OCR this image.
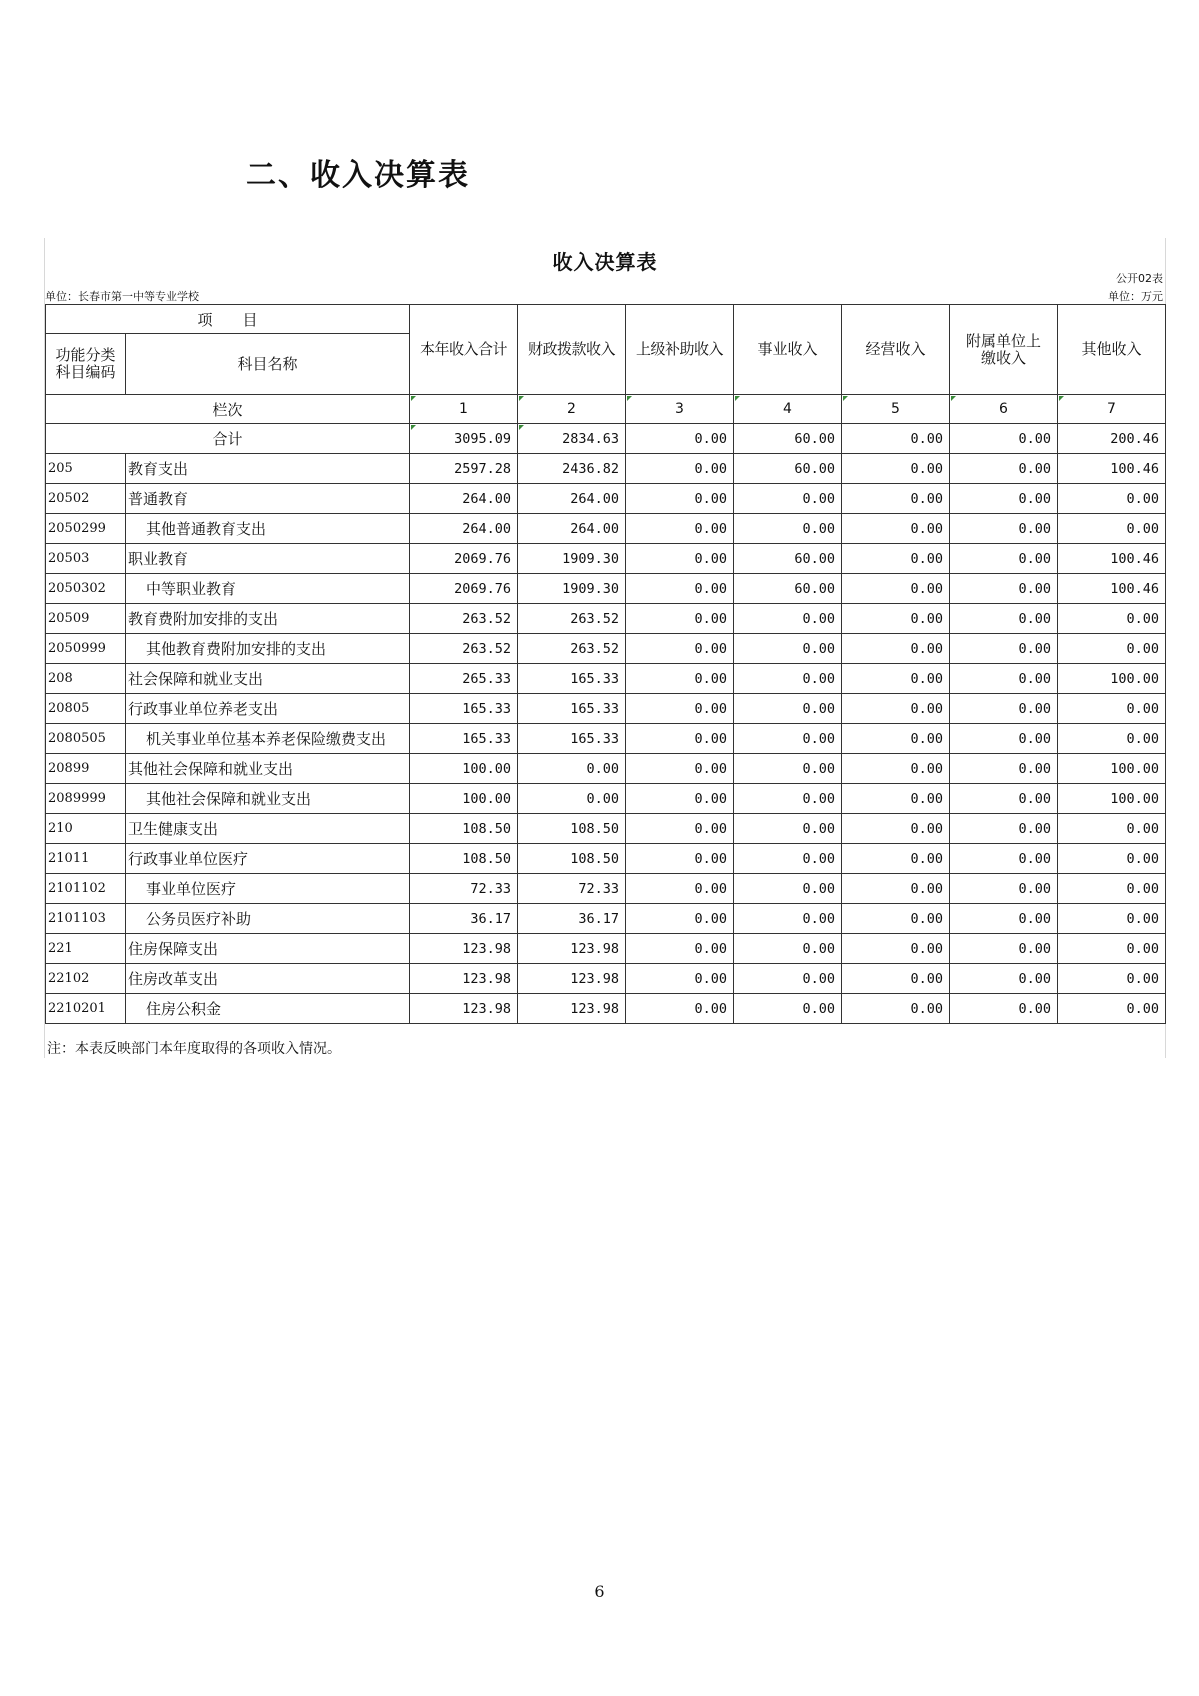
二、收入决算表
收入决算表
公开02表
单位：长春市第一中等专业学校	单位：万元
项　　目		本年收入合计	财政拨款收入	上级补助收入	事业收入	经营收入	附属单位上缴收入	其他收入
功能分类科目编码	科目名称							
栏次		1	2	3	4	5	6	7
合计		3095.09	2834.63	0.00	60.00	0.00	0.00	200.46
205	教育支出	2597.28	2436.82	0.00	60.00	0.00	0.00	100.46
20502	普通教育	264.00	264.00	0.00	0.00	0.00	0.00	0.00
2050299	其他普通教育支出	264.00	264.00	0.00	0.00	0.00	0.00	0.00
20503	职业教育	2069.76	1909.30	0.00	60.00	0.00	0.00	100.46
2050302	中等职业教育	2069.76	1909.30	0.00	60.00	0.00	0.00	100.46
20509	教育费附加安排的支出	263.52	263.52	0.00	0.00	0.00	0.00	0.00
2050999	其他教育费附加安排的支出	263.52	263.52	0.00	0.00	0.00	0.00	0.00
208	社会保障和就业支出	265.33	165.33	0.00	0.00	0.00	0.00	100.00
20805	行政事业单位养老支出	165.33	165.33	0.00	0.00	0.00	0.00	0.00
2080505	机关事业单位基本养老保险缴费支出	165.33	165.33	0.00	0.00	0.00	0.00	0.00
20899	其他社会保障和就业支出	100.00	0.00	0.00	0.00	0.00	0.00	100.00
2089999	其他社会保障和就业支出	100.00	0.00	0.00	0.00	0.00	0.00	100.00
210	卫生健康支出	108.50	108.50	0.00	0.00	0.00	0.00	0.00
21011	行政事业单位医疗	108.50	108.50	0.00	0.00	0.00	0.00	0.00
2101102	事业单位医疗	72.33	72.33	0.00	0.00	0.00	0.00	0.00
2101103	公务员医疗补助	36.17	36.17	0.00	0.00	0.00	0.00	0.00
221	住房保障支出	123.98	123.98	0.00	0.00	0.00	0.00	0.00
22102	住房改革支出	123.98	123.98	0.00	0.00	0.00	0.00	0.00
2210201	住房公积金	123.98	123.98	0.00	0.00	0.00	0.00	0.00
注：本表反映部门本年度取得的各项收入情况。
6
